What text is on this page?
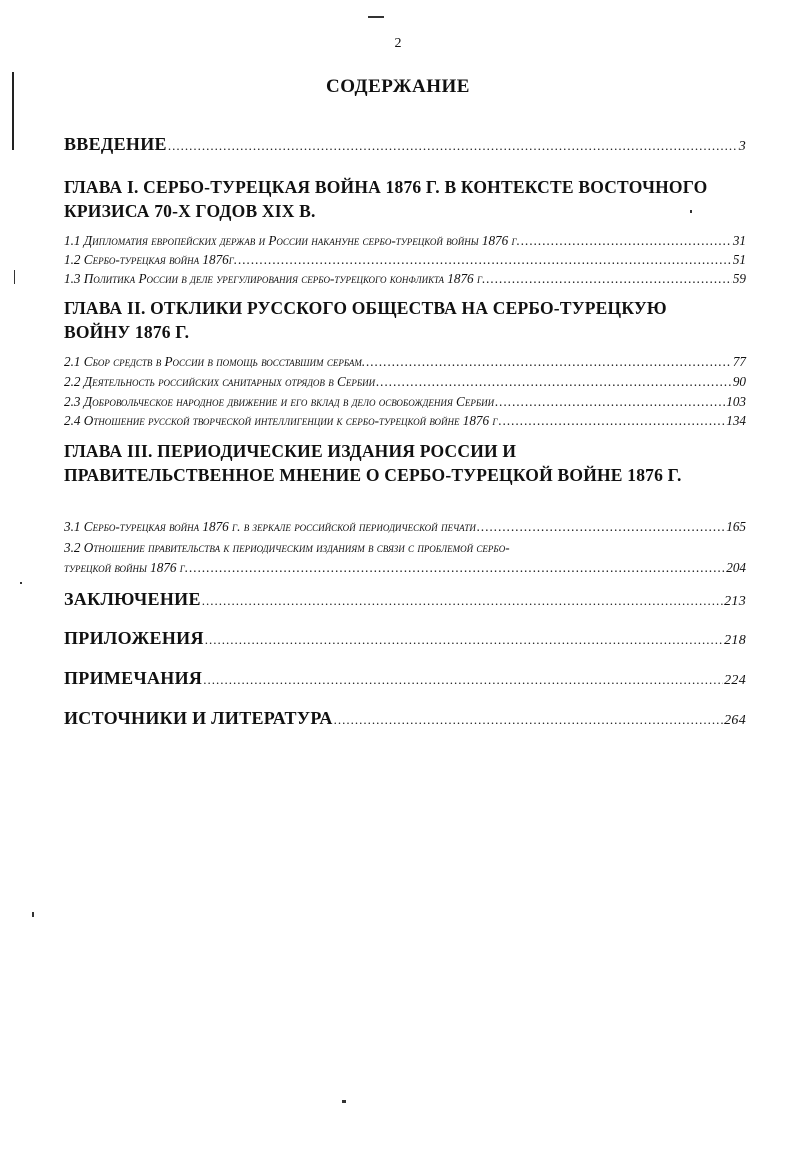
2
СОДЕРЖАНИЕ
ВВЕДЕНИЕ .....	3
ГЛАВА I. СЕРБО-ТУРЕЦКАЯ ВОЙНА 1876 Г. В КОНТЕКСТЕ ВОСТОЧНОГО КРИЗИСА 70-Х ГОДОВ XIX В.
1.1 Дипломатия европейских держав и России накануне сербо-турецкой войны 1876 г. .....	31
1.2 Сербо-турецкая война 1876г. .....	51
1.3 Политика России в деле урегулирования сербо-турецкого конфликта 1876 г. .....	59
ГЛАВА II. ОТКЛИКИ РУССКОГО ОБЩЕСТВА НА СЕРБО-ТУРЕЦКУЮ ВОЙНУ 1876 Г.
2.1 Сбор средств в России в помощь восставшим сербам. .....	77
2.2 Деятельность российских санитарных отрядов в Сербии .....	90
2.3 Добровольческое народное движение и его вклад в дело освобождения Сербии .....	103
2.4 Отношение русской творческой интеллигенции к сербо-турецкой войне 1876 г .....	134
ГЛАВА III. ПЕРИОДИЧЕСКИЕ ИЗДАНИЯ РОССИИ И ПРАВИТЕЛЬСТВЕННОЕ МНЕНИЕ О СЕРБО-ТУРЕЦКОЙ ВОЙНЕ 1876 Г.
3.1 Сербо-турецкая война 1876 г. в зеркале российской периодической печати .....	165
3.2 Отношение правительства к периодическим изданиям в связи с проблемой сербо-
турецкой войны 1876 г. .....	204
ЗАКЛЮЧЕНИЕ .....	213
ПРИЛОЖЕНИЯ .....	218
ПРИМЕЧАНИЯ .....	224
ИСТОЧНИКИ И ЛИТЕРАТУРА .....	264
